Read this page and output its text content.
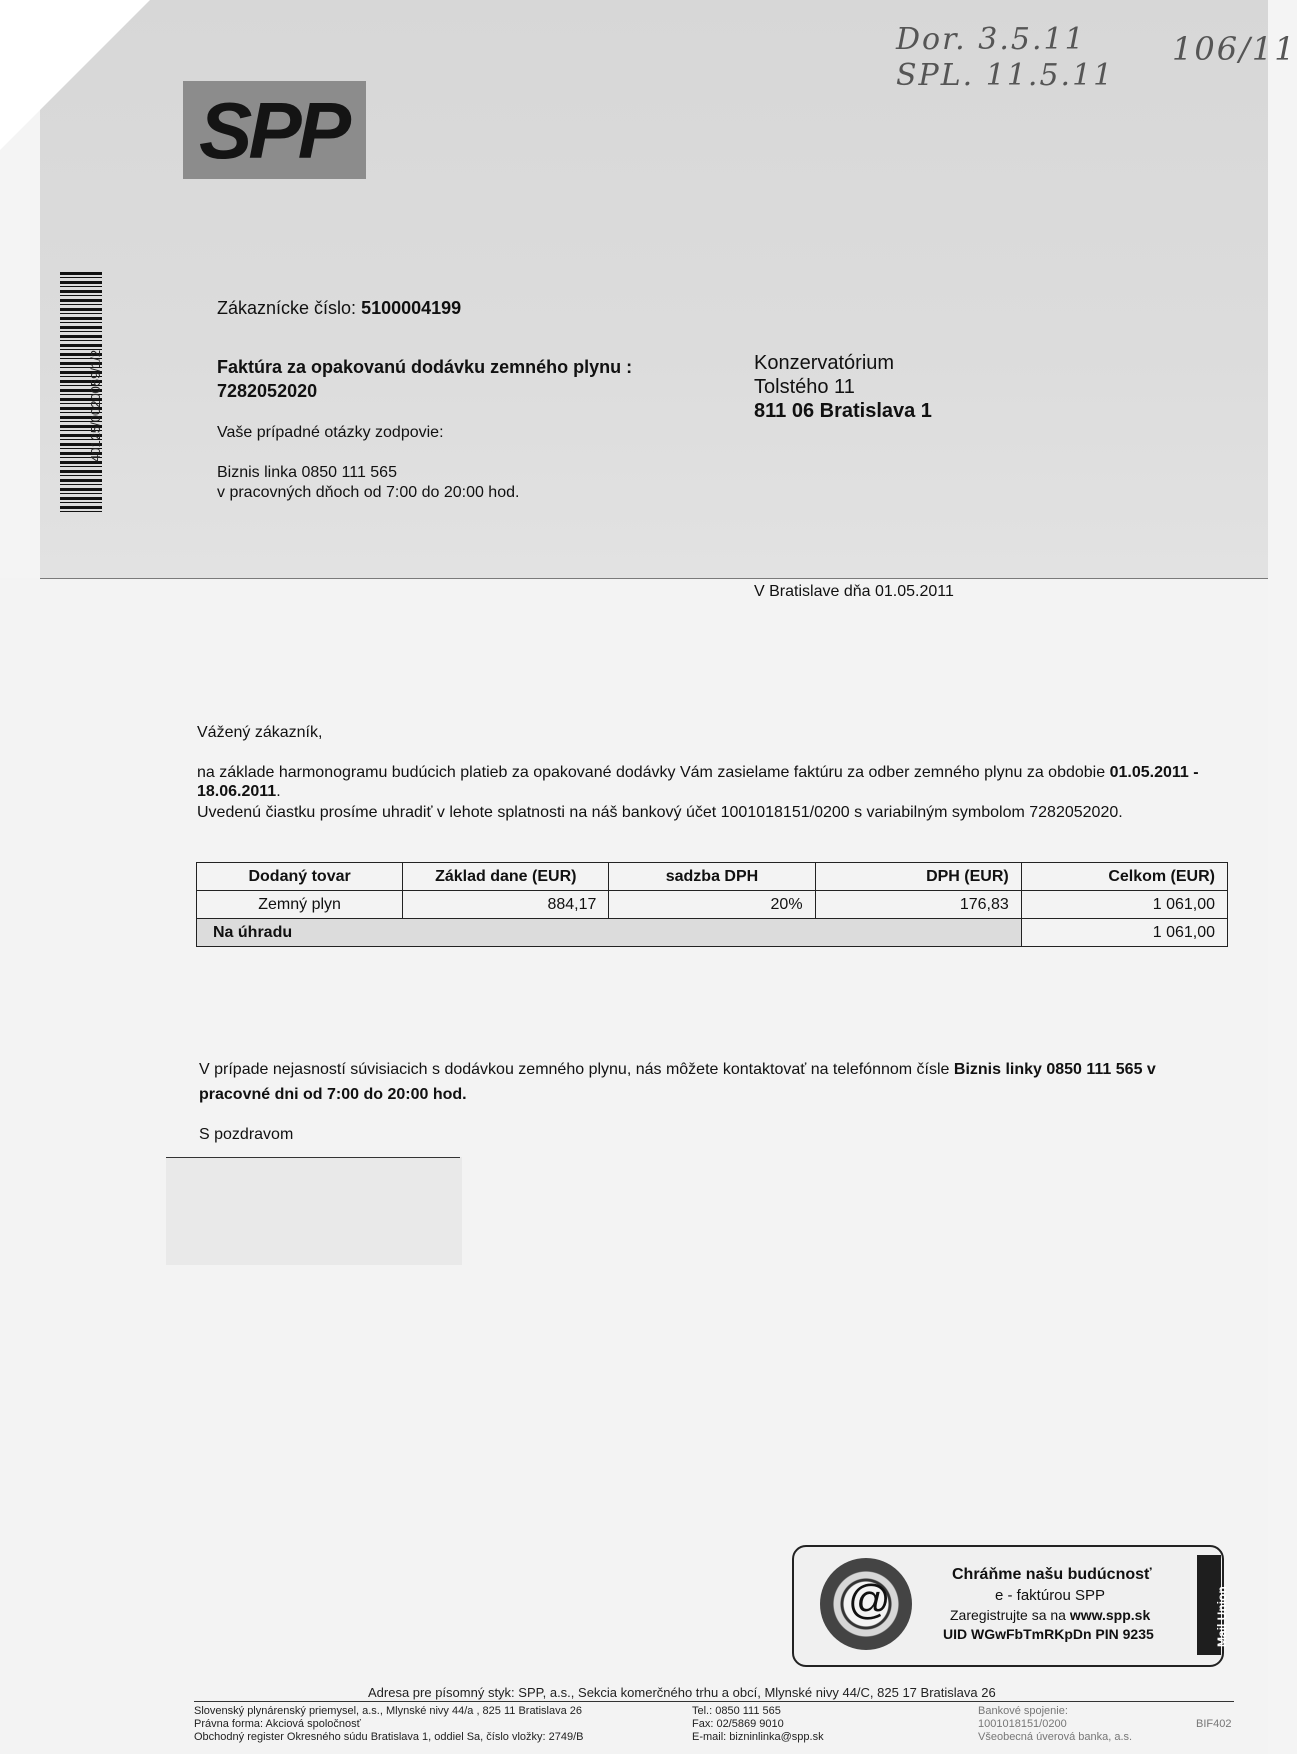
Dor. 3.5.11
SPL. 11.5.11
106/11
SPP
40125/0020059/1/2
Zákaznícke číslo: 5100004199
Faktúra za opakovanú dodávku zemného plynu :
7282052020
Vaše prípadné otázky zodpovie:
Biznis linka 0850 111 565
v pracovných dňoch od 7:00 do 20:00 hod.
Konzervatórium
Tolstého 11
811 06 Bratislava 1
V Bratislave dňa 01.05.2011
Vážený zákazník,
na základe harmonogramu budúcich platieb za opakované dodávky Vám zasielame faktúru za odber zemného plynu za obdobie 01.05.2011 - 18.06.2011.
Uvedenú čiastku prosíme uhradiť v lehote splatnosti na náš bankový účet 1001018151/0200 s variabilným symbolom 7282052020.
Dodaný tovar	Základ dane (EUR)	sadzba DPH	DPH (EUR)	Celkom (EUR)
Zemný plyn	884,17	20%	176,83	1 061,00
Na úhradu				1 061,00
V prípade nejasností súvisiacich s dodávkou zemného plynu, nás môžete kontaktovať na telefónnom čísle Biznis linky 0850 111 565 v pracovné dni od 7:00 do 20:00 hod.
S pozdravom
@
Chráňme našu budúcnosť
e - faktúrou SPP
Zaregistrujte sa na www.spp.sk
UID WGwFbTmRKpDn PIN 9235	Mail Union
Adresa pre písomný styk: SPP, a.s., Sekcia komerčného trhu a obcí, Mlynské nivy 44/C, 825 17 Bratislava 26
Slovenský plynárenský priemysel, a.s., Mlynské nivy 44/a , 825 11 Bratislava 26
Právna forma: Akciová spoločnosť
Obchodný register Okresného súdu Bratislava 1, oddiel Sa, číslo vložky: 2749/B
Tel.: 0850 111 565
Fax: 02/5869 9010
E-mail: bizninlinka@spp.sk
Bankové spojenie:
1001018151/0200
Všeobecná úverová banka, a.s.
BIF402
